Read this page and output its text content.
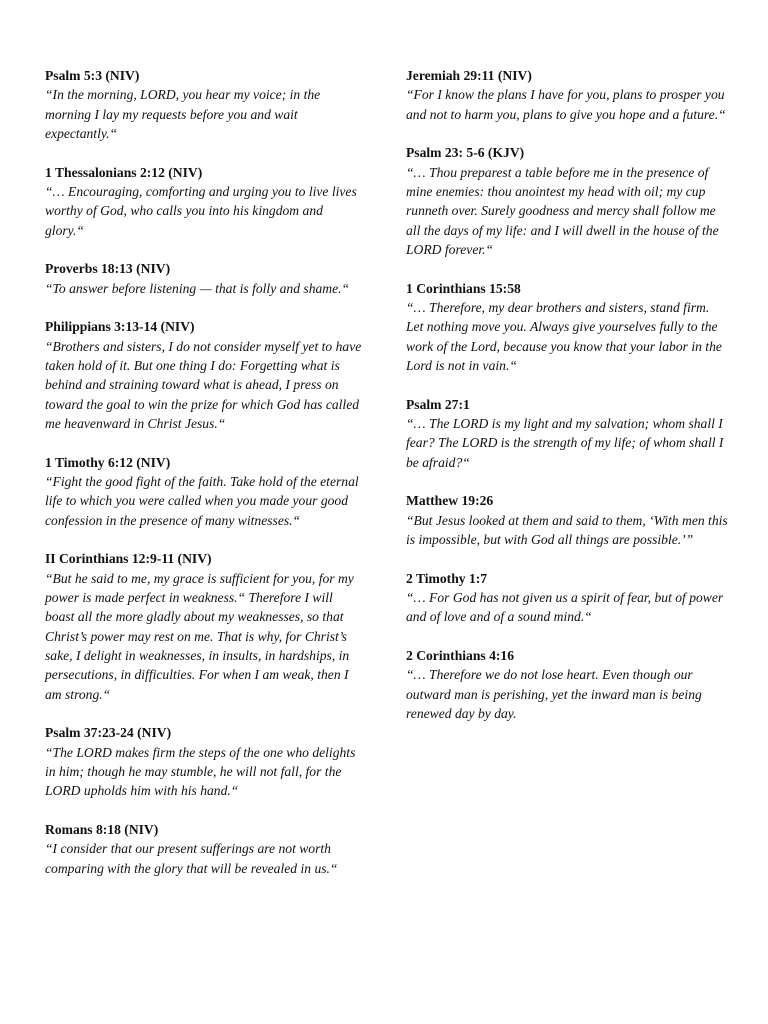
Psalm 5:3 (NIV)

“In the morning, LORD, you hear my voice; in the morning I lay my requests before you and wait expectantly.“

1 Thessalonians 2:12 (NIV)

“… Encouraging, comforting and urging you to live lives worthy of God, who calls you into his kingdom and glory.“

Proverbs 18:13 (NIV)

“To answer before listening — that is folly and shame.“

Philippians 3:13-14 (NIV)

“Brothers and sisters, I do not consider myself yet to have taken hold of it. But one thing I do: Forgetting what is behind and straining toward what is ahead, I press on toward the goal to win the prize for which God has called me heavenward in Christ Jesus.“

1 Timothy 6:12 (NIV)

“Fight the good fight of the faith. Take hold of the eternal life to which you were called when you made your good confession in the presence of many witnesses.“

II Corinthians 12:9-11 (NIV)

“But he said to me, my grace is sufficient for you, for my power is made perfect in weakness.“ Therefore I will boast all the more gladly about my weaknesses, so that Christ’s power may rest on me. That is why, for Christ’s sake, I delight in weaknesses, in insults, in hardships, in persecutions, in difficulties. For when I am weak, then I am strong.“

Psalm 37:23-24 (NIV)

“The LORD makes firm the steps of the one who delights in him; though he may stumble, he will not fall, for the LORD upholds him with his hand.“

Romans 8:18 (NIV)

“I consider that our present sufferings are not worth comparing with the glory that will be revealed in us.“

Jeremiah 29:11 (NIV)

“For I know the plans I have for you, plans to prosper you and not to harm you, plans to give you hope and a future.“

Psalm 23: 5-6 (KJV)

“… Thou preparest a table before me in the presence of mine enemies: thou anointest my head with oil; my cup runneth over. Surely goodness and mercy shall follow me all the days of my life: and I will dwell in the house of the LORD forever.“

1 Corinthians 15:58

“… Therefore, my dear brothers and sisters, stand firm. Let nothing move you. Always give yourselves fully to the work of the Lord, because you know that your labor in the Lord is not in vain.“

Psalm 27:1

“… The LORD is my light and my salvation; whom shall I fear? The LORD is the strength of my life; of whom shall I be afraid?“

Matthew 19:26

“But Jesus looked at them and said to them, ‘With men this is impossible, but with God all things are possible.’”

2 Timothy 1:7

“… For God has not given us a spirit of fear, but of power and of love and of a sound mind.“

2 Corinthians 4:16

“… Therefore we do not lose heart. Even though our outward man is perishing, yet the inward man is being renewed day by day.
